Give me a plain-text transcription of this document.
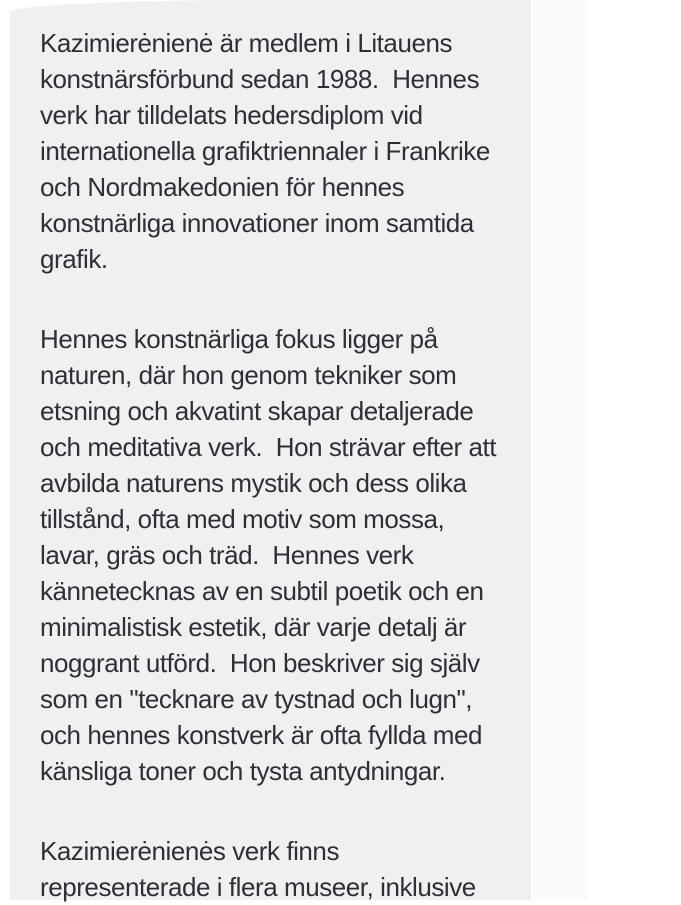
Kazimierėnienė är medlem i Litauens
konstnärsförbund sedan 1988.  Hennes
verk har tilldelats hedersdiplom vid
internationella grafiktriennaler i Frankrike
och Nordmakedonien för hennes
konstnärliga innovationer inom samtida
grafik.
Hennes konstnärliga fokus ligger på
naturen, där hon genom tekniker som
etsning och akvatint skapar detaljerade
och meditativa verk.  Hon strävar efter att
avbilda naturens mystik och dess olika
tillstånd, ofta med motiv som mossa,
lavar, gräs och träd.  Hennes verk
kännetecknas av en subtil poetik och en
minimalistisk estetik, där varje detalj är
noggrant utförd.  Hon beskriver sig själv
som en "tecknare av tystnad och lugn",
och hennes konstverk är ofta fyllda med
känsliga toner och tysta antydningar.
Kazimierėnienės verk finns
representerade i flera museer, inklusive
